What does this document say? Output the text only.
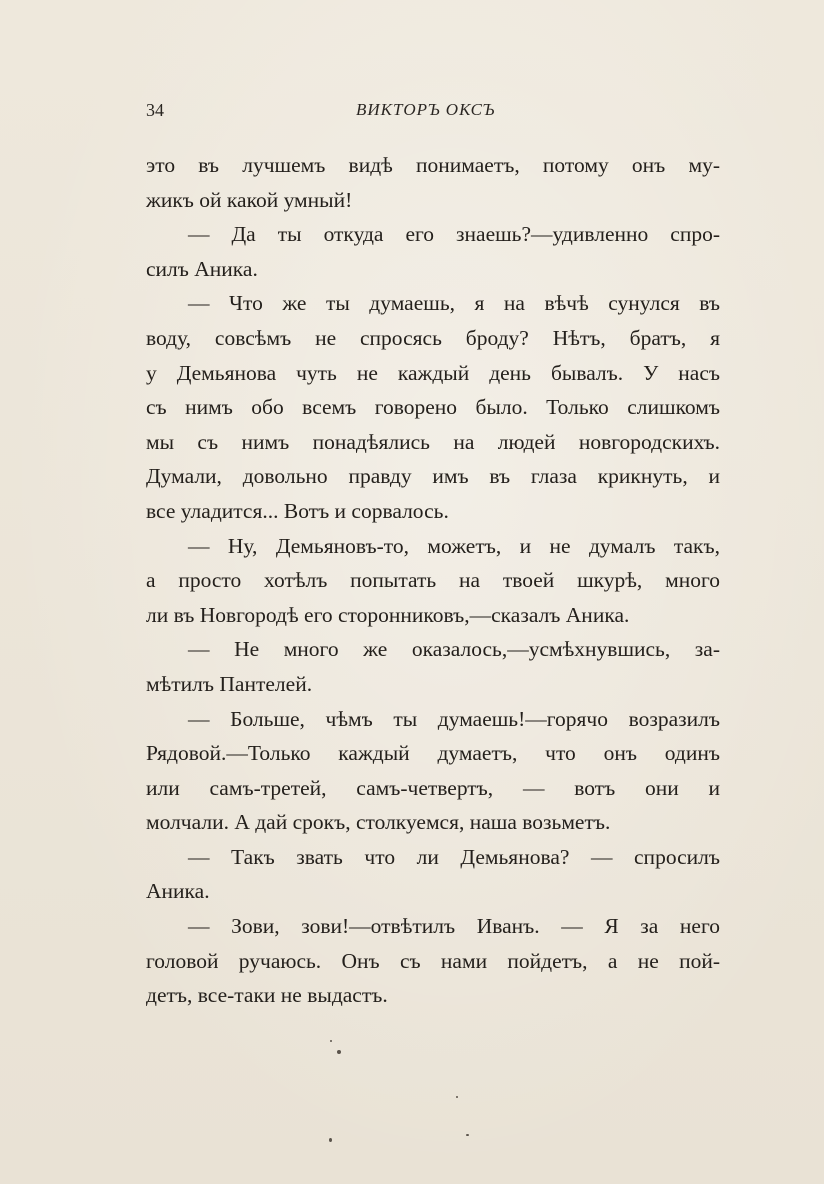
34	ВИКТОРЪ ОКСЪ
это въ лучшемъ видѣ понимаетъ, потому онъ му-
жикъ ой какой умный!
— Да ты откуда его знаешь?—удивленно спро-
силъ Аника.
— Что же ты думаешь, я на вѣчѣ сунулся въ
воду, совсѣмъ не спросясь броду? Нѣтъ, братъ, я
у Демьянова чуть не каждый день бывалъ. У насъ
съ нимъ обо всемъ говорено было. Только слишкомъ
мы съ нимъ понадѣялись на людей новгородскихъ.
Думали, довольно правду имъ въ глаза крикнуть, и
все уладится... Вотъ и сорвалось.
— Ну, Демьяновъ-то, можетъ, и не думалъ такъ,
а просто хотѣлъ попытать на твоей шкурѣ, много
ли въ Новгородѣ его сторонниковъ,—сказалъ Аника.
— Не много же оказалось,—усмѣхнувшись, за-
мѣтилъ Пантелей.
— Больше, чѣмъ ты думаешь!—горячо возразилъ
Рядовой.—Только каждый думаетъ, что онъ одинъ
или самъ-третей, самъ-четвертъ, — вотъ они и
молчали. А дай срокъ, столкуемся, наша возьметъ.
— Такъ звать что ли Демьянова? — спросилъ
Аника.
— Зови, зови!—отвѣтилъ Иванъ. — Я за него
головой ручаюсь. Онъ съ нами пойдетъ, а не пой-
детъ, все-таки не выдастъ.
